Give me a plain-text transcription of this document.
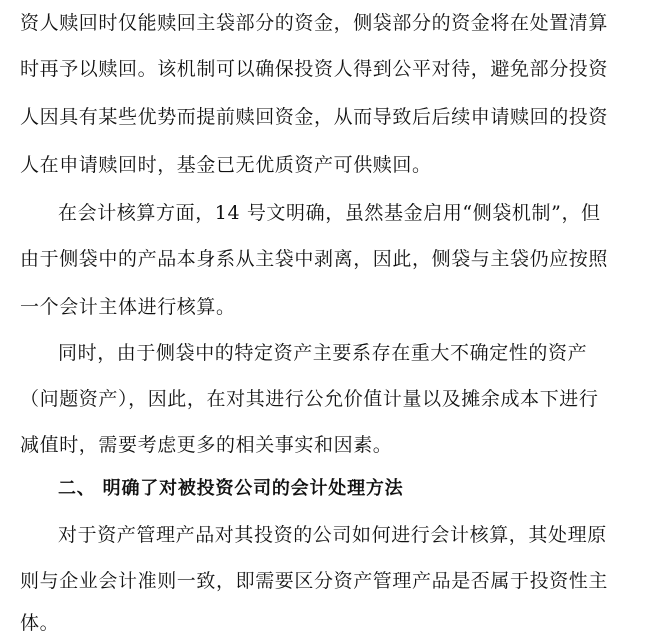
资人赎回时仅能赎回主袋部分的资金，侧袋部分的资金将在处置清算
时再予以赎回。该机制可以确保投资人得到公平对待，避免部分投资
人因具有某些优势而提前赎回资金，从而导致后后续申请赎回的投资
人在申请赎回时，基金已无优质资产可供赎回。
在会计核算方面，14 号文明确，虽然基金启用“侧袋机制”，但
由于侧袋中的产品本身系从主袋中剥离，因此，侧袋与主袋仍应按照
一个会计主体进行核算。
同时，由于侧袋中的特定资产主要系存在重大不确定性的资产
（问题资产），因此，在对其进行公允价值计量以及摊余成本下进行
减值时，需要考虑更多的相关事实和因素。
二、 明确了对被投资公司的会计处理方法
对于资产管理产品对其投资的公司如何进行会计核算，其处理原
则与企业会计准则一致，即需要区分资产管理产品是否属于投资性主
体。
